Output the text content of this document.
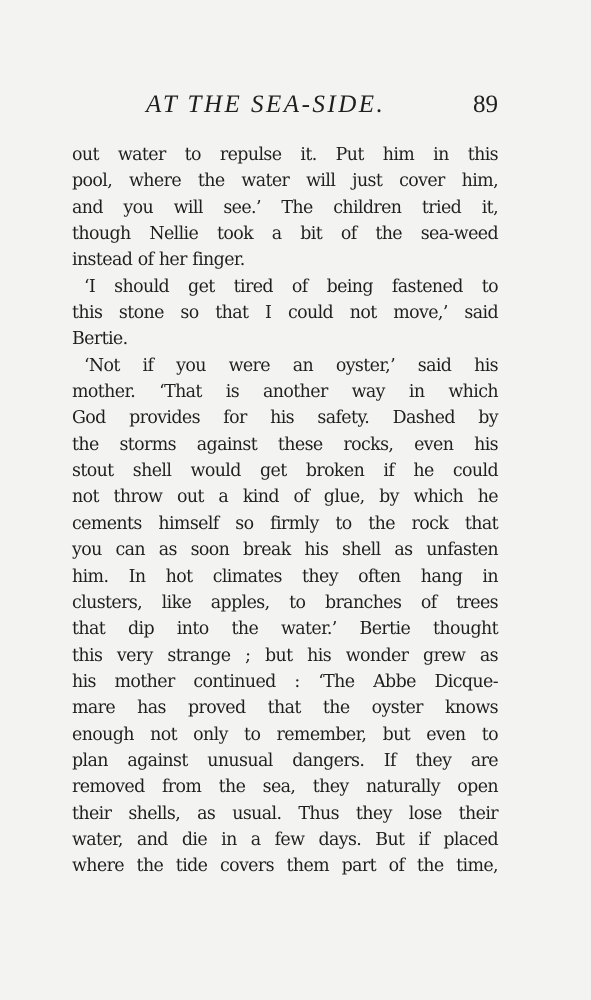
AT THE SEA-SIDE.	89
out water to repulse it. Put him in this
pool, where the water will just cover him,
and you will see.’ The children tried it,
though Nellie took a bit of the sea-weed
instead of her finger.
‘I should get tired of being fastened to
this stone so that I could not move,’ said
Bertie.
‘Not if you were an oyster,’ said his
mother. ‘That is another way in which
God provides for his safety. Dashed by
the storms against these rocks, even his
stout shell would get broken if he could
not throw out a kind of glue, by which he
cements himself so firmly to the rock that
you can as soon break his shell as unfasten
him. In hot climates they often hang in
clusters, like apples, to branches of trees
that dip into the water.’ Bertie thought
this very strange ; but his wonder grew as
his mother continued : ‘The Abbe Dicque-
mare has proved that the oyster knows
enough not only to remember, but even to
plan against unusual dangers. If they are
removed from the sea, they naturally open
their shells, as usual. Thus they lose their
water, and die in a few days. But if placed
where the tide covers them part of the time,
